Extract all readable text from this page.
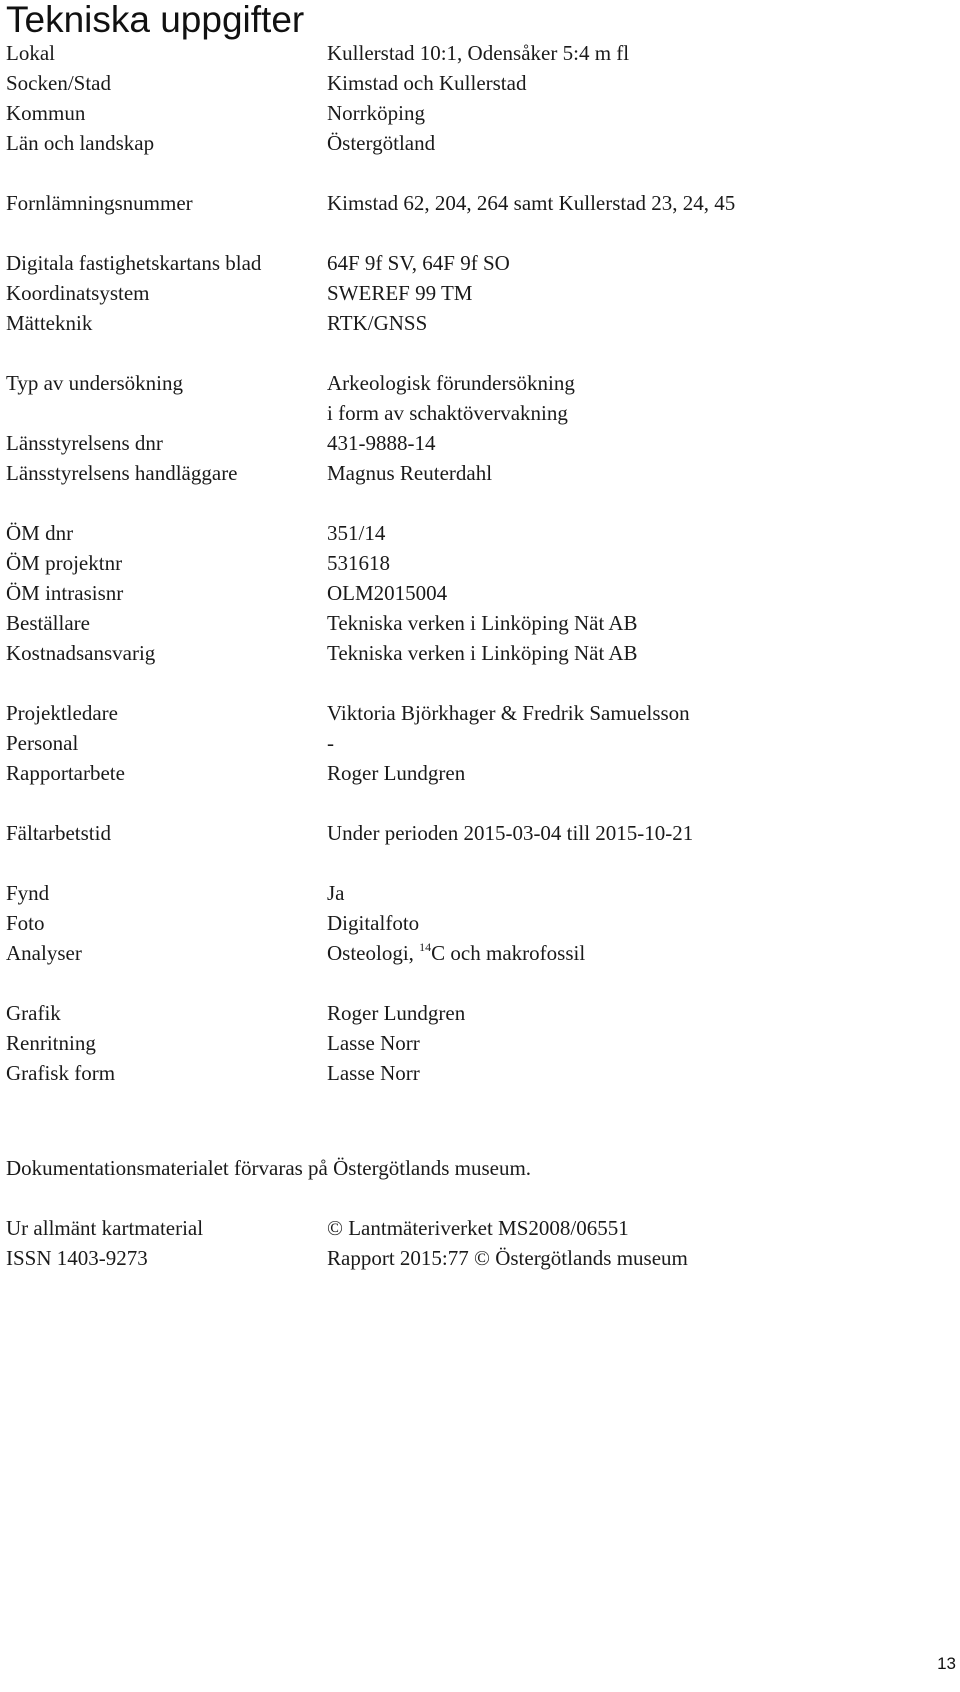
Tekniska uppgifter
Lokal	Kullerstad 10:1, Odensåker 5:4 m fl
Socken/Stad	Kimstad och Kullerstad
Kommun	Norrköping
Län och landskap	Östergötland
Fornlämningsnummer	Kimstad 62, 204, 264 samt Kullerstad 23, 24, 45
Digitala fastighetskartans blad	64F 9f SV, 64F 9f SO
Koordinatsystem	SWEREF 99 TM
Mätteknik	RTK/GNSS
Typ av undersökning	Arkeologisk förundersökning
i form av schaktövervakning
Länsstyrelsens dnr	431-9888-14
Länsstyrelsens handläggare	Magnus Reuterdahl
ÖM dnr	351/14
ÖM projektnr	531618
ÖM intrasisnr	OLM2015004
Beställare	Tekniska verken i Linköping Nät AB
Kostnadsansvarig	Tekniska verken i Linköping Nät AB
Projektledare	Viktoria Björkhager & Fredrik Samuelsson
Personal	-
Rapportarbete	Roger Lundgren
Fältarbetstid	Under perioden 2015-03-04 till 2015-10-21
Fynd	Ja
Foto	Digitalfoto
Analyser	Osteologi, $^{14}$C och makrofossil
Grafik	Roger Lundgren
Renritning	Lasse Norr
Grafisk form	Lasse Norr
Dokumentationsmaterialet förvaras på Östergötlands museum.
Ur allmänt kartmaterial	© Lantmäteriverket MS2008/06551
ISSN 1403-9273	Rapport 2015:77 © Östergötlands museum
13
